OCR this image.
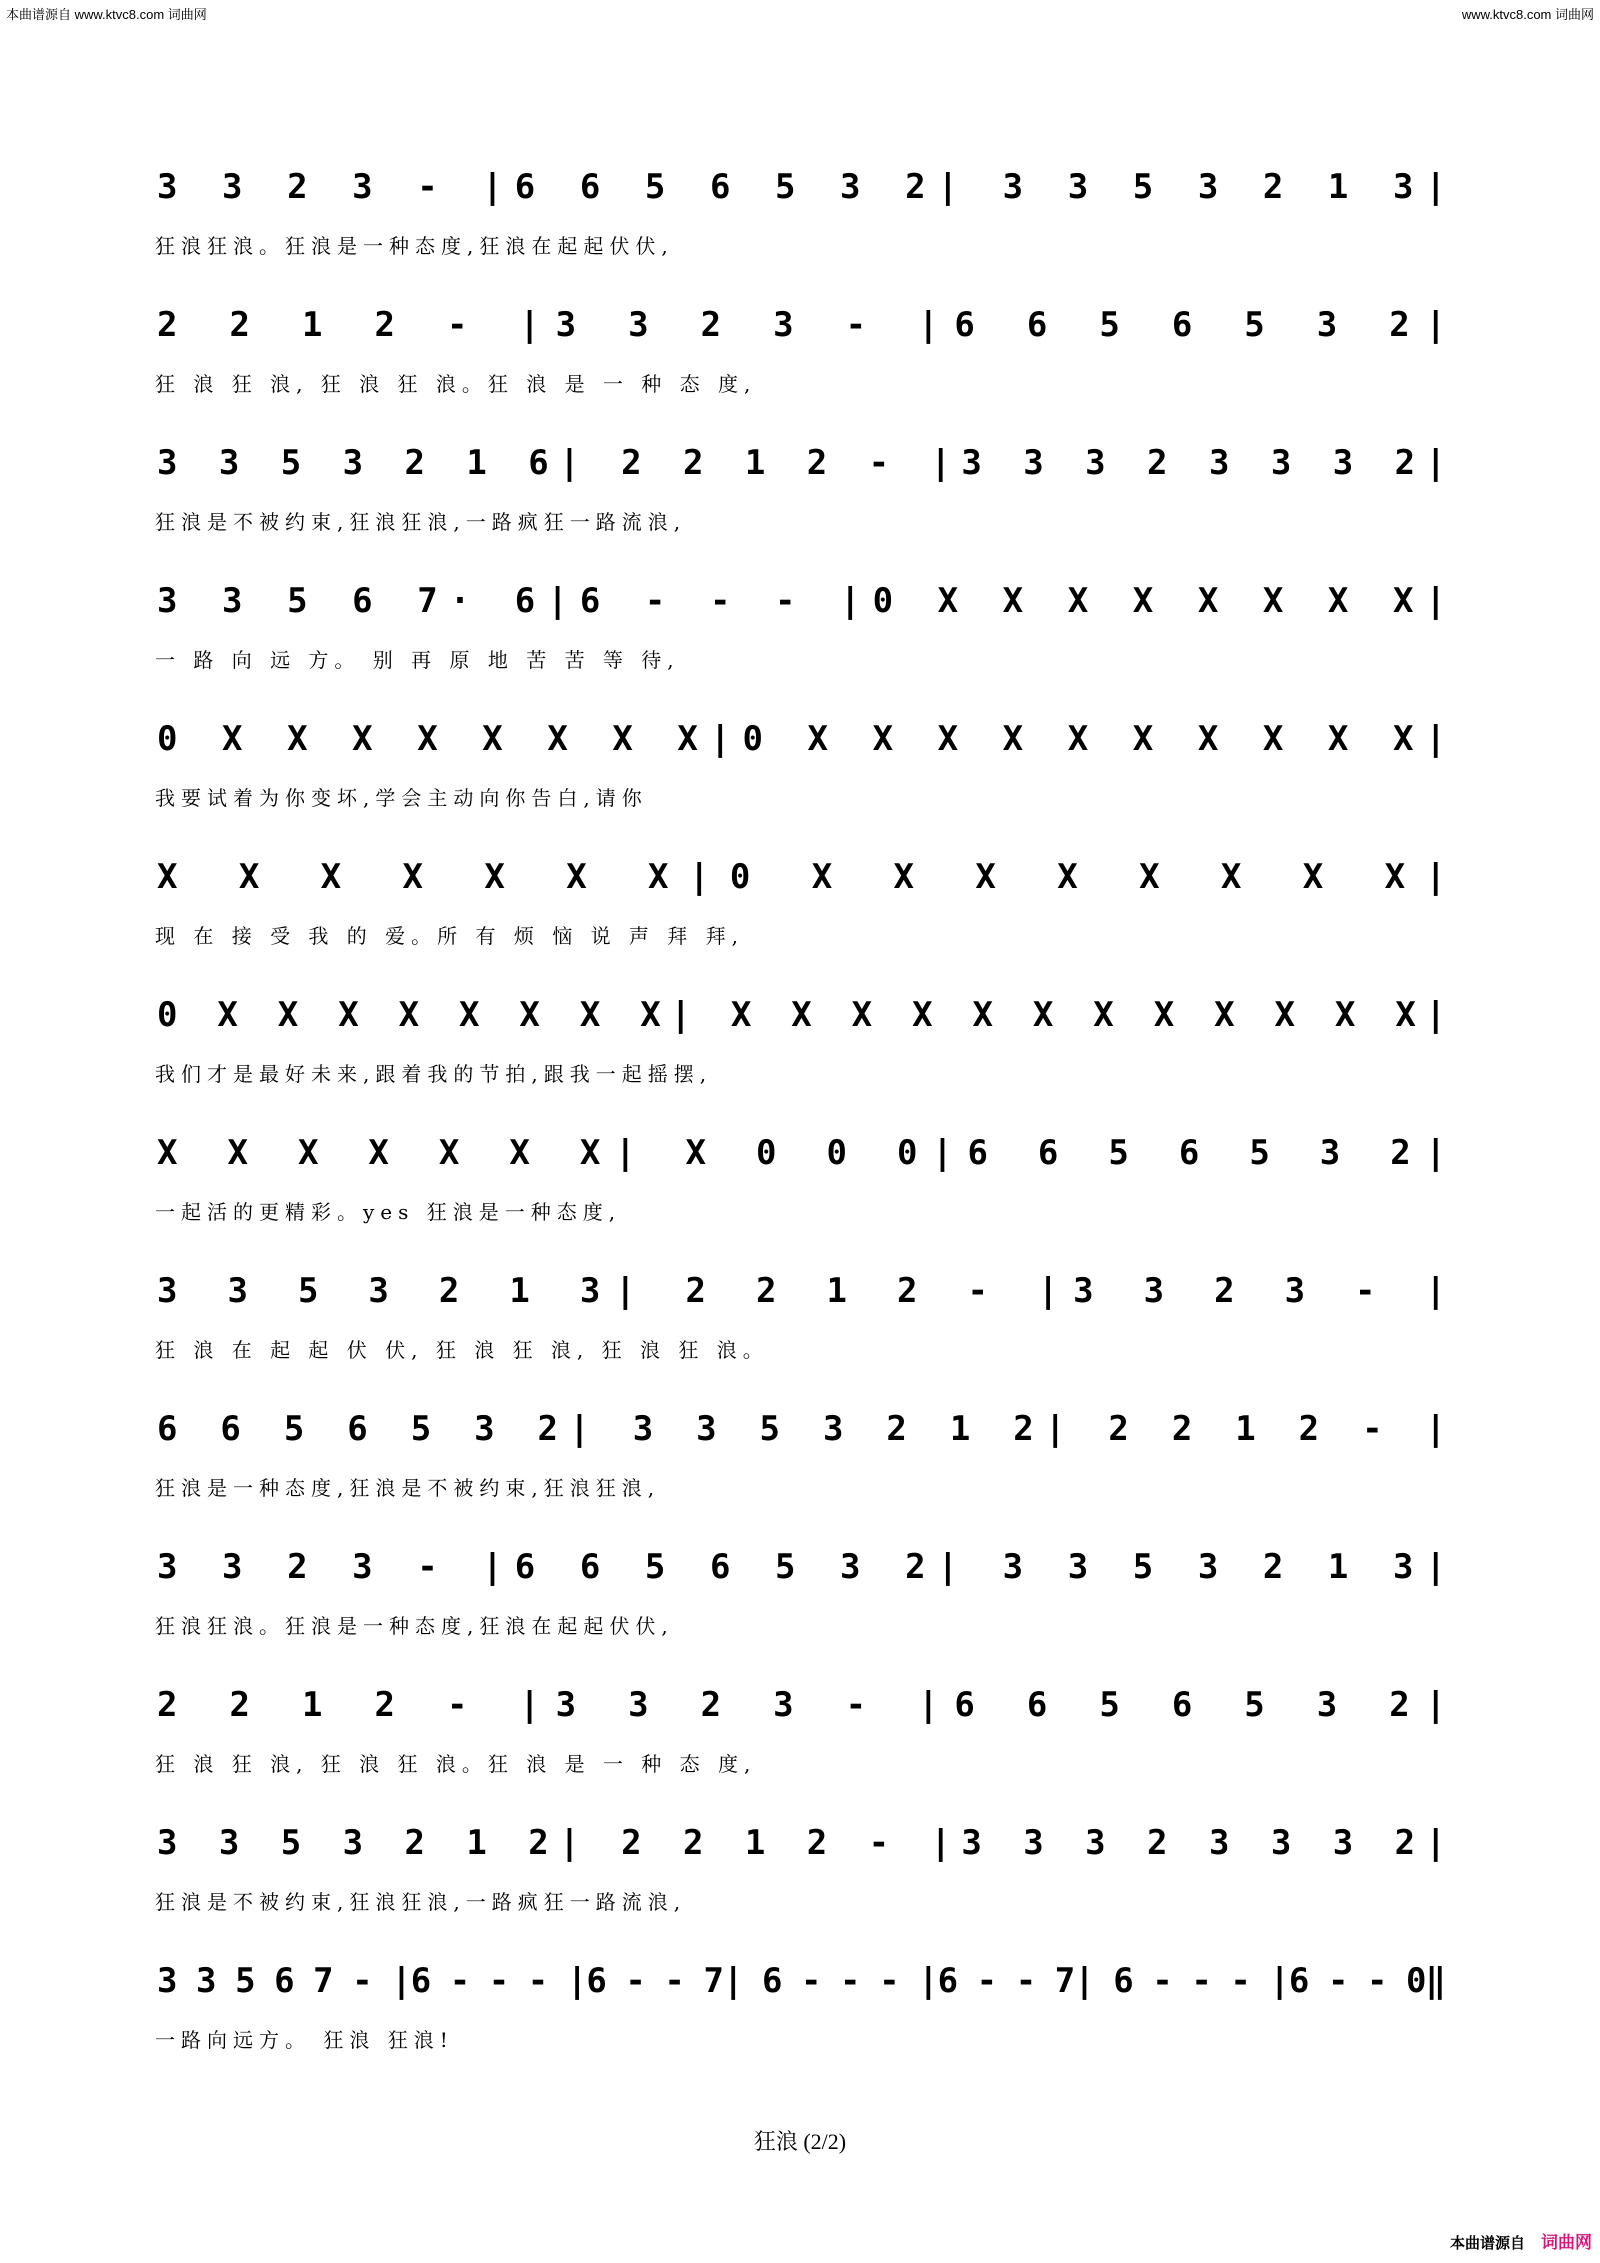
本曲谱源自 www.ktvc8.com 词曲网	www.ktvc8.com 词曲网
3 3 2 3 - |6 6 5 6 5 3 2| 3 3 5 3 2 1 3|
狂浪狂浪。狂浪是一种态度,狂浪在起起伏伏,
2 2 1 2 - |3 3 2 3 - |6 6 5 6 5 3 2|
狂 浪 狂 浪, 狂 浪 狂 浪。狂 浪 是 一 种 态 度,
3 3 5 3 2 1 6| 2 2 1 2 - |3 3 3 2 3 3 3 2|
狂浪是不被约束,狂浪狂浪,一路疯狂一路流浪,
3 3 5 6 7· 6|6 - - - |0 X X X X X X X X|
一 路 向 远 方。 别 再 原 地 苦 苦 等 待,
0 X X X X X X X X|0 X X X X X X X X X X|
我要试着为你变坏,学会主动向你告白,请你
X X X X X X X|0 X X X X X X X X|
现 在 接 受 我 的 爱。所 有 烦 恼 说 声 拜 拜,
0 X X X X X X X X| X X X X X X X X X X X X|
我们才是最好未来,跟着我的节拍,跟我一起摇摆,
X X X X X X X| X 0 0 0|6 6 5 6 5 3 2|
一起活的更精彩。yes 狂浪是一种态度,
3 3 5 3 2 1 3| 2 2 1 2 - |3 3 2 3 - |
狂 浪 在 起 起 伏 伏, 狂 浪 狂 浪, 狂 浪 狂 浪。
6 6 5 6 5 3 2| 3 3 5 3 2 1 2| 2 2 1 2 - |
狂浪是一种态度,狂浪是不被约束,狂浪狂浪,
3 3 2 3 - |6 6 5 6 5 3 2| 3 3 5 3 2 1 3|
狂浪狂浪。狂浪是一种态度,狂浪在起起伏伏,
2 2 1 2 - |3 3 2 3 - |6 6 5 6 5 3 2|
狂 浪 狂 浪, 狂 浪 狂 浪。狂 浪 是 一 种 态 度,
3 3 5 3 2 1 2| 2 2 1 2 - |3 3 3 2 3 3 3 2|
狂浪是不被约束,狂浪狂浪,一路疯狂一路流浪,
3 3 5 6 7 - |6 - - - |6 - - 7| 6 - - - |6 - - 7| 6 - - - |6 - - 0‖
一路向远方。 狂浪 狂浪!
狂浪 (2/2)
本曲谱源自 词曲网
